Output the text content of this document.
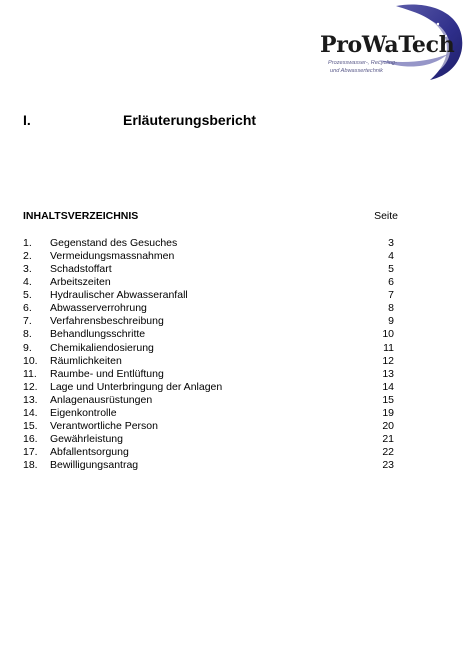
ProWaTech
Prozesswasser-, Recycling-
und Abwassertechnik
I.	Erläuterungsbericht
INHALTSVERZEICHNIS	Seite
1. Gegenstand des Gesuches	3
2. Vermeidungsmassnahmen	4
3. Schadstoffart	5
4. Arbeitszeiten	6
5. Hydraulischer Abwasseranfall	7
6. Abwasserverrohrung	8
7. Verfahrensbeschreibung	9
8. Behandlungsschritte	10
9. Chemikaliendosierung	11
10. Räumlichkeiten	12
11. Raumbe- und Entlüftung	13
12. Lage und Unterbringung der Anlagen	14
13. Anlagenausrüstungen	15
14. Eigenkontrolle	19
15. Verantwortliche Person	20
16. Gewährleistung	21
17. Abfallentsorgung	22
18. Bewilligungsantrag	23
